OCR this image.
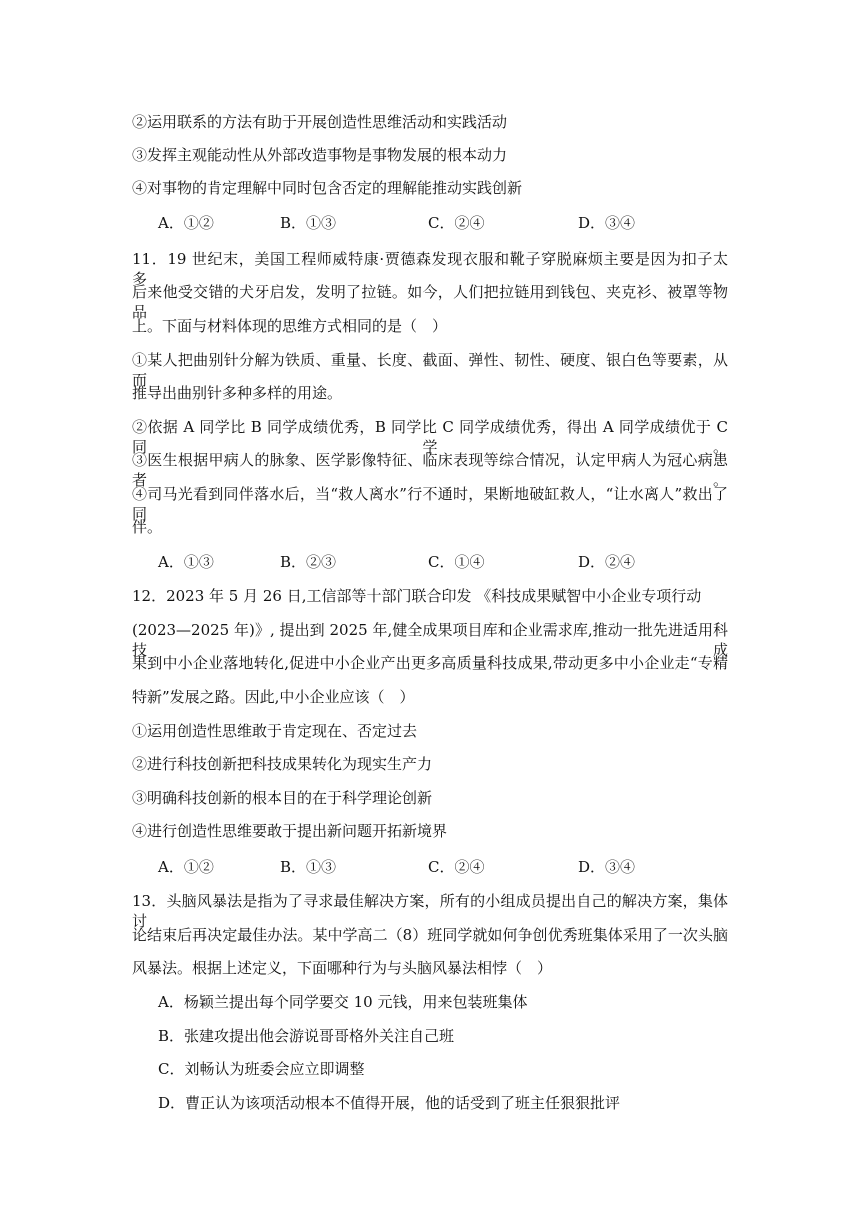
②运用联系的方法有助于开展创造性思维活动和实践活动
③发挥主观能动性从外部改造事物是事物发展的根本动力
④对事物的肯定理解中同时包含否定的理解能推动实践创新
A．①②	B．①③	C．②④	D．③④
11．19 世纪末，美国工程师威特康·贾德森发现衣服和靴子穿脱麻烦主要是因为扣子太多，
后来他受交错的犬牙启发，发明了拉链。如今，人们把拉链用到钱包、夹克衫、被罩等物品
上。下面与材料体现的思维方式相同的是（　）
①某人把曲别针分解为铁质、重量、长度、截面、弹性、韧性、硬度、银白色等要素，从而
推导出曲别针多种多样的用途。
②依据 A 同学比 B 同学成绩优秀，B 同学比 C 同学成绩优秀，得出 A 同学成绩优于 C 同学。
③医生根据甲病人的脉象、医学影像特征、临床表现等综合情况，认定甲病人为冠心病患者。
④司马光看到同伴落水后，当“救人离水”行不通时，果断地破缸救人，“让水离人”救出了同
伴。
A．①③	B．②③	C．①④	D．②④
12．2023 年 5 月 26 日,工信部等十部门联合印发 《科技成果赋智中小企业专项行动
(2023—2025 年)》, 提出到 2025 年,健全成果项目库和企业需求库,推动一批先进适用科技成
果到中小企业落地转化,促进中小企业产出更多高质量科技成果,带动更多中小企业走“专精
特新”发展之路。因此,中小企业应该（　）
①运用创造性思维敢于肯定现在、否定过去
②进行科技创新把科技成果转化为现实生产力
③明确科技创新的根本目的在于科学理论创新
④进行创造性思维要敢于提出新问题开拓新境界
A．①②	B．①③	C．②④	D．③④
13．头脑风暴法是指为了寻求最佳解决方案，所有的小组成员提出自己的解决方案，集体讨
论结束后再决定最佳办法。某中学高二（8）班同学就如何争创优秀班集体采用了一次头脑
风暴法。根据上述定义，下面哪种行为与头脑风暴法相悖（　）
A．杨颖兰提出每个同学要交 10 元钱，用来包装班集体
B．张建攻提出他会游说哥哥格外关注自己班
C．刘畅认为班委会应立即调整
D．曹正认为该项活动根本不值得开展，他的话受到了班主任狠狠批评
